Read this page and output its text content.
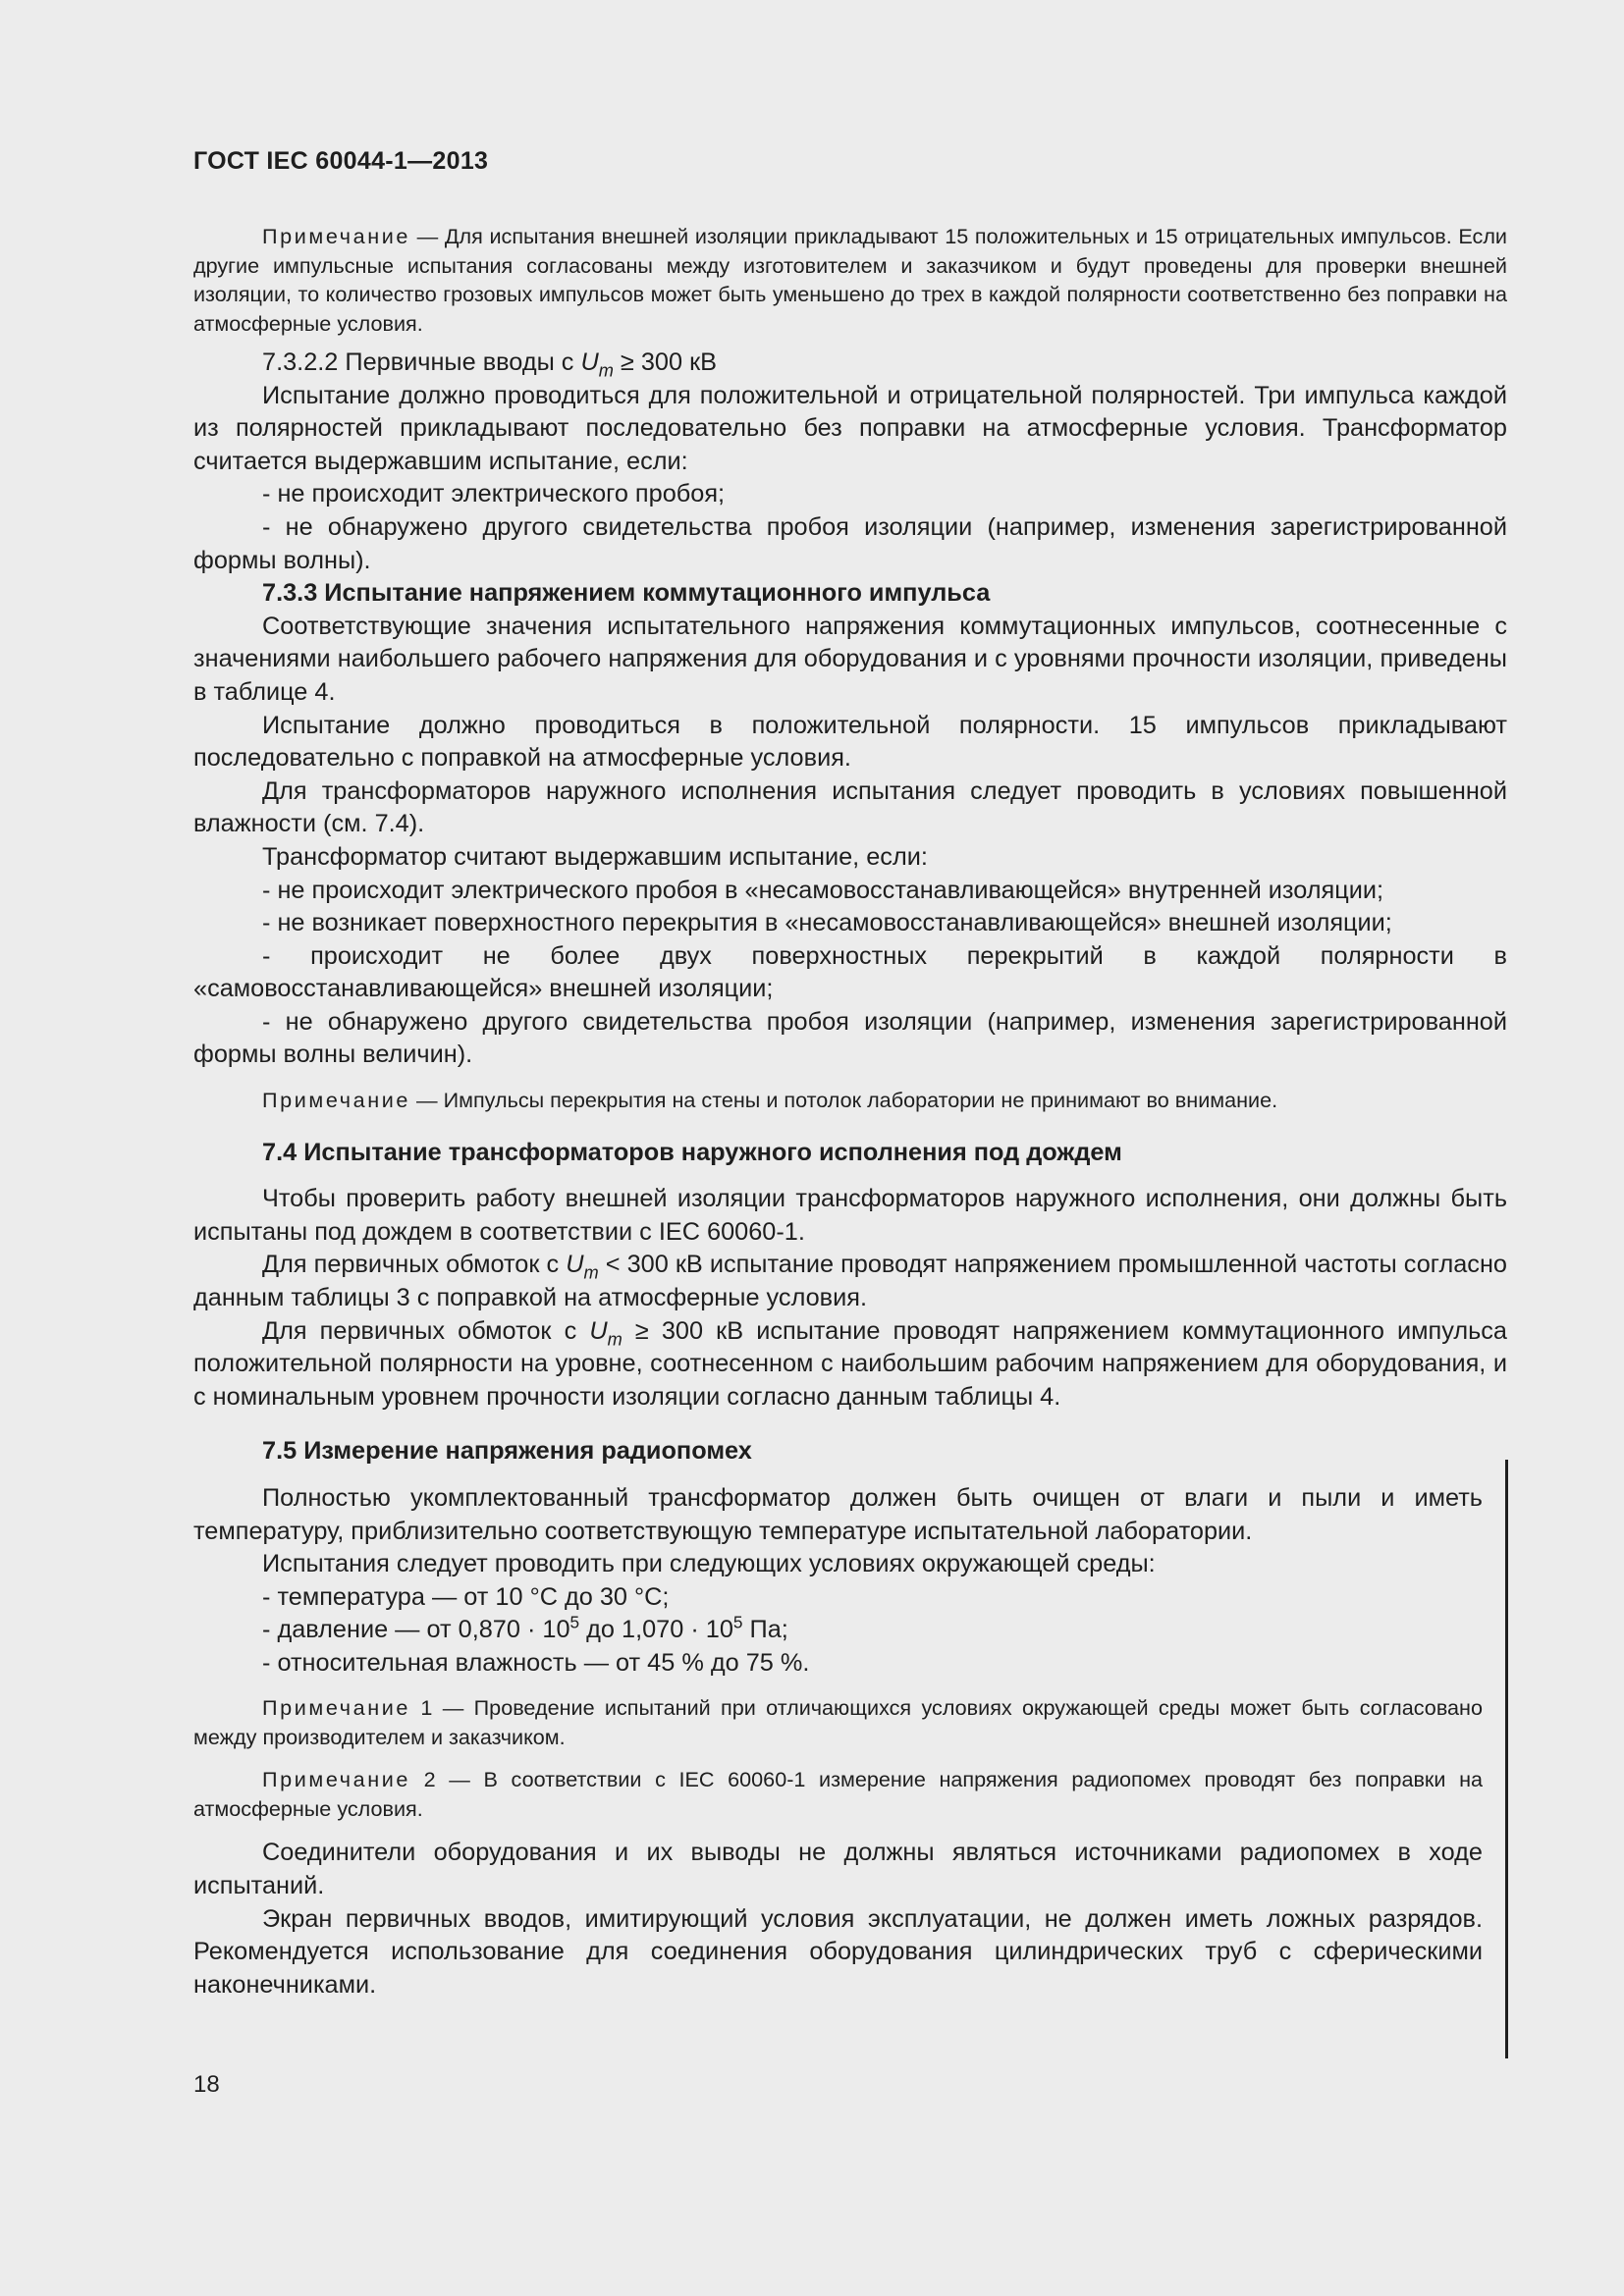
ГОСТ IEC 60044-1—2013

Примечание — Для испытания внешней изоляции прикладывают 15 положительных и 15 отрицательных импульсов. Если другие импульсные испытания согласованы между изготовителем и заказчиком и будут проведены для проверки внешней изоляции, то количество грозовых импульсов может быть уменьшено до трех в каждой полярности соответственно без поправки на атмосферные условия.

7.3.2.2 Первичные вводы с $U_m \ge 300$ кВ

Испытание должно проводиться для положительной и отрицательной полярностей. Три импульса каждой из полярностей прикладывают последовательно без поправки на атмосферные условия. Трансформатор считается выдержавшим испытание, если:

- не происходит электрического пробоя;

- не обнаружено другого свидетельства пробоя изоляции (например, изменения зарегистрированной формы волны).

7.3.3 Испытание напряжением коммутационного импульса

Соответствующие значения испытательного напряжения коммутационных импульсов, соотнесенные с значениями наибольшего рабочего напряжения для оборудования и с уровнями прочности изоляции, приведены в таблице 4.

Испытание должно проводиться в положительной полярности. 15 импульсов прикладывают последовательно с поправкой на атмосферные условия.

Для трансформаторов наружного исполнения испытания следует проводить в условиях повышенной влажности (см. 7.4).

Трансформатор считают выдержавшим испытание, если:

- не происходит электрического пробоя в «несамовосстанавливающейся» внутренней изоляции;

- не возникает поверхностного перекрытия в «несамовосстанавливающейся» внешней изоляции;

- происходит не более двух поверхностных перекрытий в каждой полярности в «самовосстанавливающейся» внешней изоляции;

- не обнаружено другого свидетельства пробоя изоляции (например, изменения зарегистрированной формы волны величин).

Примечание — Импульсы перекрытия на стены и потолок лаборатории не принимают во внимание.

7.4 Испытание трансформаторов наружного исполнения под дождем

Чтобы проверить работу внешней изоляции трансформаторов наружного исполнения, они должны быть испытаны под дождем в соответствии с IEC 60060-1.

Для первичных обмоток с $U_m < 300$ кВ испытание проводят напряжением промышленной частоты согласно данным таблицы 3 с поправкой на атмосферные условия.

Для первичных обмоток с $U_m \ge 300$ кВ испытание проводят напряжением коммутационного импульса положительной полярности на уровне, соотнесенном с наибольшим рабочим напряжением для оборудования, и с номинальным уровнем прочности изоляции согласно данным таблицы 4.

7.5 Измерение напряжения радиопомех

Полностью укомплектованный трансформатор должен быть очищен от влаги и пыли и иметь температуру, приблизительно соответствующую температуре испытательной лаборатории.

Испытания следует проводить при следующих условиях окружающей среды:

- температура — от 10 °С до 30 °С;

- давление — от $0,870 \cdot 10^5$ до $1,070 \cdot 10^5$ Па;

- относительная влажность — от 45 % до 75 %.

Примечание 1 — Проведение испытаний при отличающихся условиях окружающей среды может быть согласовано между производителем и заказчиком.

Примечание 2 — В соответствии с IEC 60060-1 измерение напряжения радиопомех проводят без поправки на атмосферные условия.

Соединители оборудования и их выводы не должны являться источниками радиопомех в ходе испытаний.

Экран первичных вводов, имитирующий условия эксплуатации, не должен иметь ложных разрядов. Рекомендуется использование для соединения оборудования цилиндрических труб с сферическими наконечниками.

18
